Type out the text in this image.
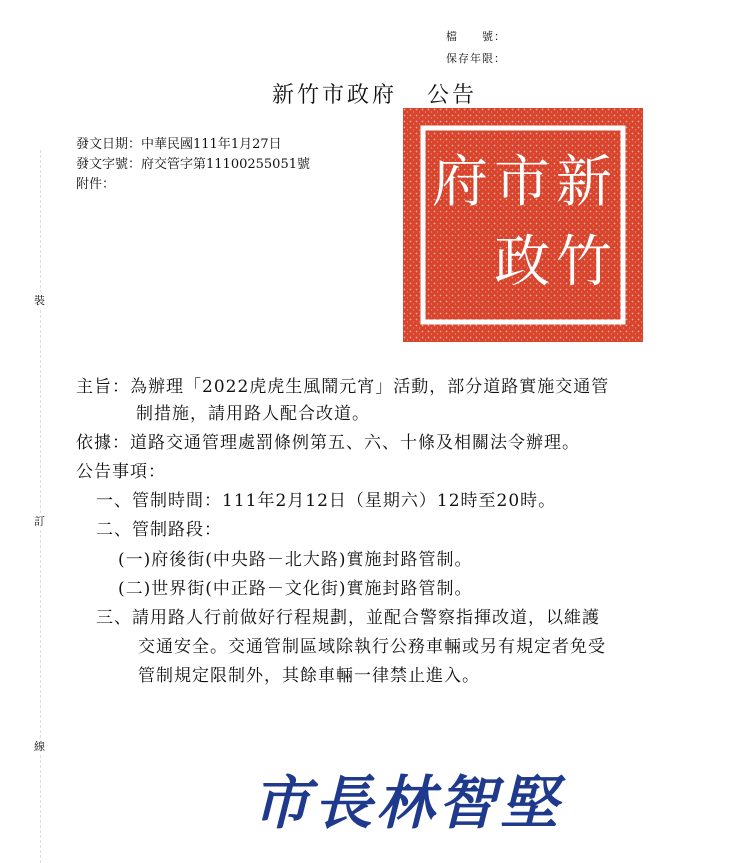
檔　　號：
保存年限：
新竹市政府 公告
發文日期：中華民國111年1月27日
發文字號：府交管字第11100255051號
附件：	新竹市政府
主旨：為辦理「2022虎虎生風鬧元宵」活動，部分道路實施交通管
制措施，請用路人配合改道。
依據：道路交通管理處罰條例第五、六、十條及相關法令辦理。
公告事項：
一、管制時間：111年2月12日（星期六）12時至20時。
二、管制路段：
(一)府後街(中央路－北大路)實施封路管制。
(二)世界街(中正路－文化街)實施封路管制。
三、請用路人行前做好行程規劃，並配合警察指揮改道，以維護
交通安全。交通管制區域除執行公務車輛或另有規定者免受
管制規定限制外，其餘車輛一律禁止進入。
裝
訂
線
市長林智堅
